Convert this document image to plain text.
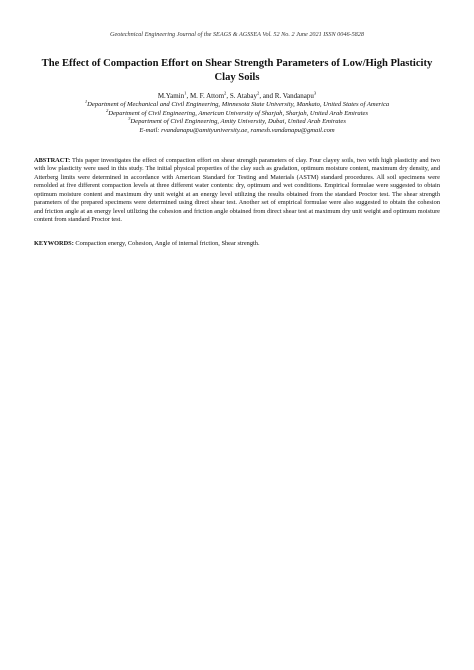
Geotechnical Engineering Journal of the SEAGS & AGSSEA Vol. 52 No. 2 June 2021 ISSN 0046-5828
The Effect of Compaction Effort on Shear Strength Parameters of Low/High Plasticity Clay Soils
M.Yamin$^1$, M. F. Attom$^2$, S. Atabay$^2$, and R. Vandanapu$^3$
$^1$Department of Mechanical and Civil Engineering, Minnesota State University, Mankato, United States of America
$^2$Department of Civil Engineering, American University of Sharjah, Sharjah, United Arab Emirates
$^3$Department of Civil Engineering, Amity University, Dubai, United Arab Emirates
E-mail: rvandanapu@amityuniversity.ae, ramesh.vandanapu@gmail.com
ABSTRACT: This paper investigates the effect of compaction effort on shear strength parameters of clay. Four clayey soils, two with high plasticity and two with low plasticity were used in this study. The initial physical properties of the clay such as gradation, optimum moisture content, maximum dry density, and Atterberg limits were determined in accordance with American Standard for Testing and Materials (ASTM) standard procedures. All soil specimens were remolded at five different compaction levels at three different water contents: dry, optimum and wet conditions. Empirical formulae were suggested to obtain optimum moisture content and maximum dry unit weight at an energy level utilizing the results obtained from the standard Proctor test. The shear strength parameters of the prepared specimens were determined using direct shear test. Another set of empirical formulae were also suggested to obtain the cohesion and friction angle at an energy level utilizing the cohesion and friction angle obtained from direct shear test at maximum dry unit weight and optimum moisture content from standard Proctor test.
KEYWORDS: Compaction energy, Cohesion, Angle of internal friction, Shear strength.
